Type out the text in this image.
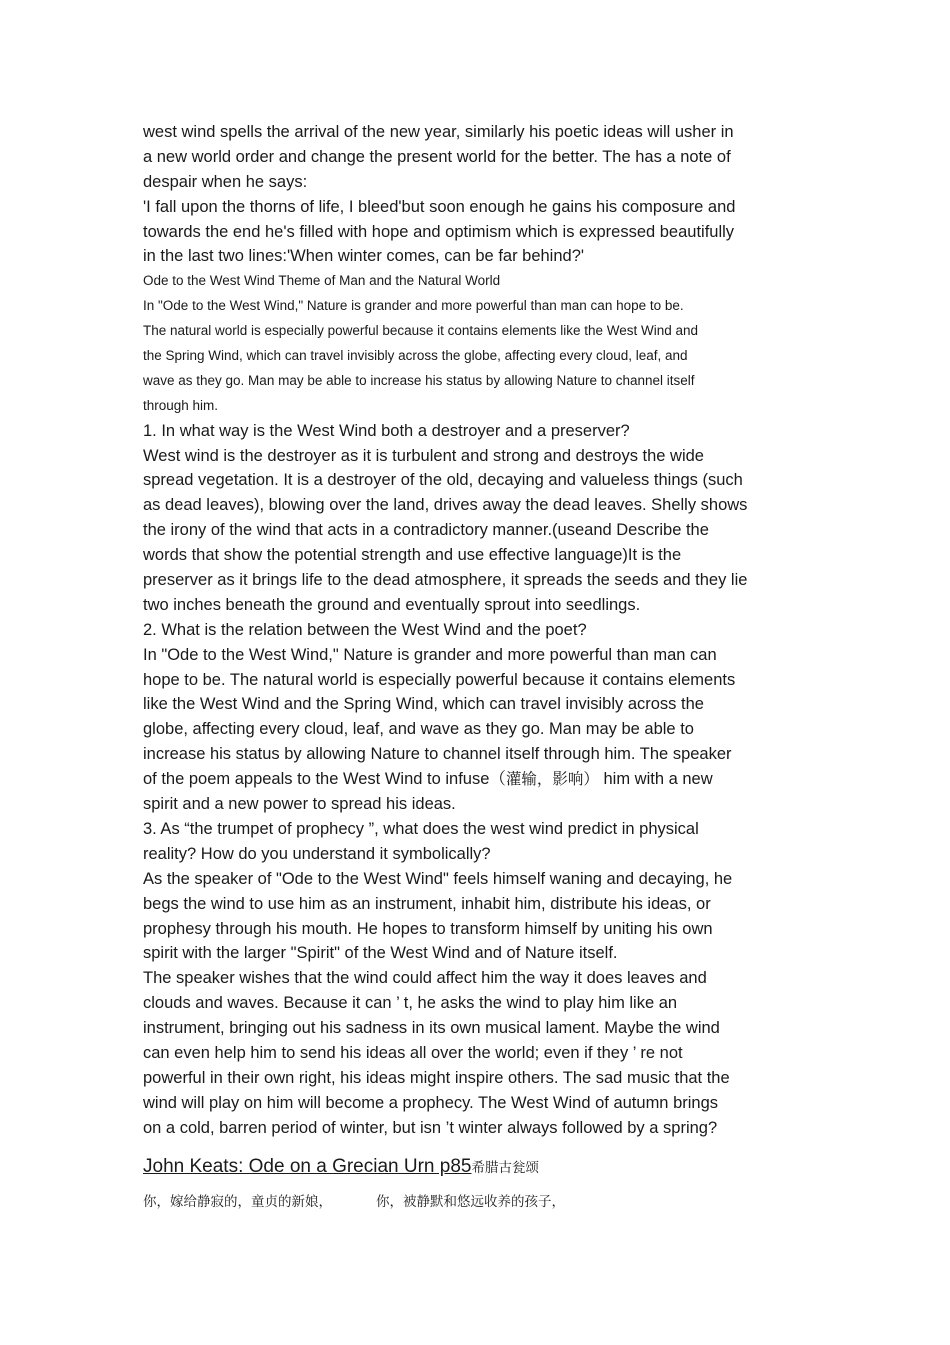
west wind spells the arrival of the new year, similarly his poetic ideas will usher in

a new world order and change the present world for the better. The has a note of

despair when he says:

'I fall upon the thorns of life, I bleed'but soon enough he gains his composure and

towards the end he's filled with hope and optimism which is expressed beautifully

in the last two lines:'When winter comes, can be far behind?'

Ode to the West Wind Theme of Man and the Natural World

In "Ode to the West Wind," Nature is grander and more powerful than man can hope to be.

The natural world is especially powerful because it contains elements like the West Wind and

the Spring Wind, which can travel invisibly across the globe, affecting every cloud, leaf, and

wave as they go. Man may be able to increase his status by allowing Nature to channel itself

through him.

1. In what way is the West Wind both a destroyer and a preserver?

West wind is the destroyer as it is turbulent and strong and destroys the wide

spread vegetation. It is a destroyer of the old, decaying and valueless things (such

as dead leaves), blowing over the land, drives away the dead leaves. Shelly shows

the irony of the wind that acts in a contradictory manner.(useand Describe the

words that show the potential strength and use effective language)It is the

preserver as it brings life to the dead atmosphere, it spreads the seeds and they lie

two inches beneath the ground and eventually sprout into seedlings.

2. What is the relation between the West Wind and the poet?

In "Ode to the West Wind," Nature is grander and more powerful than man can

hope to be. The natural world is especially powerful because it contains elements

like the West Wind and the Spring Wind, which can travel invisibly across the

globe, affecting every cloud, leaf, and wave as they go. Man may be able to

increase his status by allowing Nature to channel itself through him. The speaker

of the poem appeals to the West Wind to infuse（灌输，影响） him with a new

spirit and a new power to spread his ideas.

3. As “the trumpet of prophecy ”, what does the west wind predict in physical

reality? How do you understand it symbolically?

As the speaker of "Ode to the West Wind" feels himself waning and decaying, he

begs the wind to use him as an instrument, inhabit him, distribute his ideas, or

prophesy through his mouth. He hopes to transform himself by uniting his own

spirit with the larger "Spirit" of the West Wind and of Nature itself.

The speaker wishes that the wind could affect him the way it does leaves and

clouds and waves. Because it can ’ t, he asks the wind to play him like an

instrument, bringing out his sadness in its own musical lament. Maybe the wind

can even help him to send his ideas all over the world; even if they ’ re not

powerful in their own right, his ideas might inspire others. The sad music that the

wind will play on him will become a prophecy. The West Wind of autumn brings

on a cold, barren period of winter, but isn ’t winter always followed by a spring?

John Keats: Ode on a Grecian Urn p85希腊古瓮颂
你，嫁给静寂的，童贞的新娘，	你，被静默和悠远收养的孩子，
